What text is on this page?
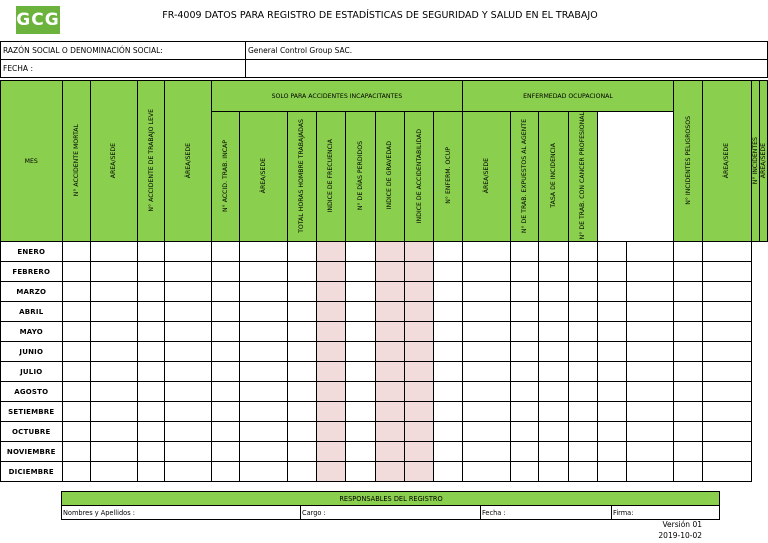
GCG	FR-4009 DATOS PARA REGISTRO DE ESTADÍSTICAS DE SEGURIDAD Y SALUD EN EL TRABAJO
RAZÓN SOCIAL O DENOMINACIÓN SOCIAL:	General Control Group SAC.
FECHA :	
MES	N° ACCIDENTE MORTAL	AREA/SEDE	N° ACCIDENTE DE TRABAJO LEVE	ÁREA/SEDE	SOLO PARA ACCIDENTES INCAPACITANTES								ENFERMEDAD OCUPACIONAL						N° INCIDENTES PELIGROSOS	ÁREA/SEDE	N° INCIDENTES	ÁREA/SEDE
					N° ACCID. TRAB. INCAP	ÁREA/SEDE	TOTAL HORAS HOMBRE TRABAJADAS	INDICE DE FRECUENCIA	N° DE DÍAS PERDIDOS	INDICE DE GRAVEDAD	INDICE DE ACCIDENTABILIDAD	N° ENFERM. OCUP	ÁREA/SEDE	N° DE TRAB. EXPUESTOS AL AGENTE	TASA DE INCIDENCIA	N° DE TRAB. CON CANCER PROFESIONAL						
ENERO																						
FEBRERO																						
MARZO																						
ABRIL																						
MAYO																						
JUNIO																						
JULIO																						
AGOSTO																						
SETIEMBRE																						
OCTUBRE																						
NOVIEMBRE																						
DICIEMBRE																						
RESPONSABLES DEL REGISTRO
Nombres y Apellidos :	Cargo :	Fecha :	Firma:
Versión 01
2019-10-02
